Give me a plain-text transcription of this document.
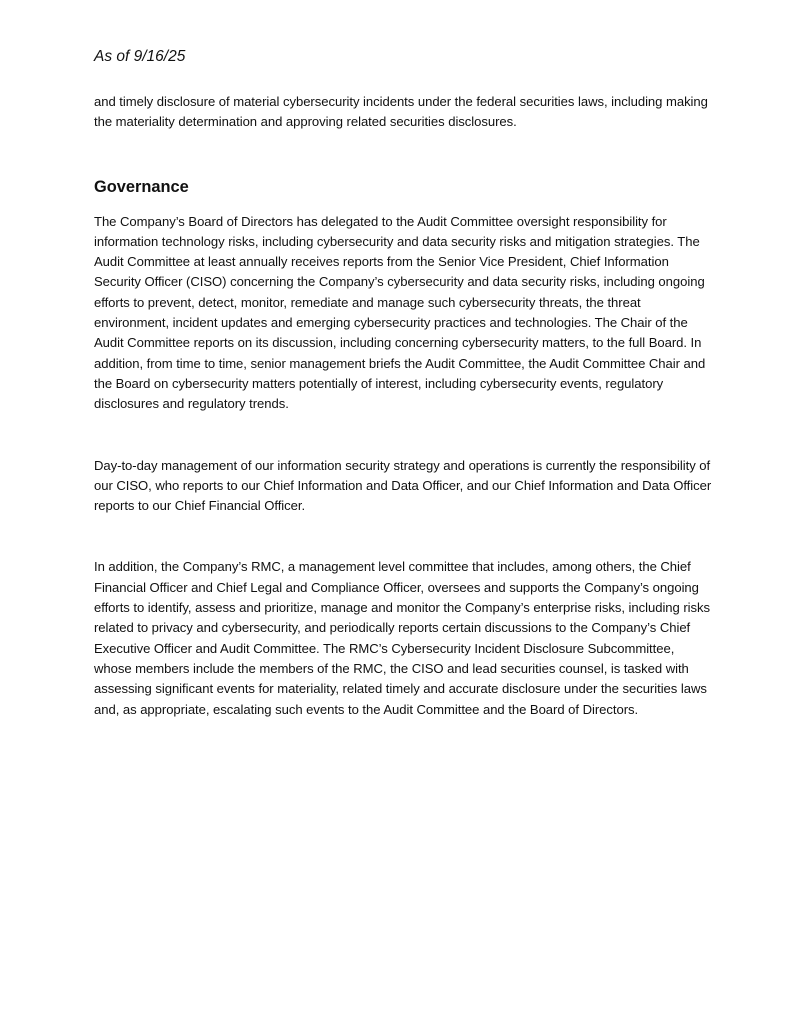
As of 9/16/25

and timely disclosure of material cybersecurity incidents under the federal securities laws, including making the materiality determination and approving related securities disclosures.

Governance

The Company’s Board of Directors has delegated to the Audit Committee oversight responsibility for information technology risks, including cybersecurity and data security risks and mitigation strategies. The Audit Committee at least annually receives reports from the Senior Vice President, Chief Information Security Officer (CISO) concerning the Company’s cybersecurity and data security risks, including ongoing efforts to prevent, detect, monitor, remediate and manage such cybersecurity threats, the threat environment, incident updates and emerging cybersecurity practices and technologies. The Chair of the Audit Committee reports on its discussion, including concerning cybersecurity matters, to the full Board. In addition, from time to time, senior management briefs the Audit Committee, the Audit Committee Chair and the Board on cybersecurity matters potentially of interest, including cybersecurity events, regulatory disclosures and regulatory trends.

Day-to-day management of our information security strategy and operations is currently the responsibility of our CISO, who reports to our Chief Information and Data Officer, and our Chief Information and Data Officer reports to our Chief Financial Officer.

In addition, the Company’s RMC, a management level committee that includes, among others, the Chief Financial Officer and Chief Legal and Compliance Officer, oversees and supports the Company’s ongoing efforts to identify, assess and prioritize, manage and monitor the Company’s enterprise risks, including risks related to privacy and cybersecurity, and periodically reports certain discussions to the Company’s Chief Executive Officer and Audit Committee. The RMC’s Cybersecurity Incident Disclosure Subcommittee, whose members include the members of the RMC, the CISO and lead securities counsel, is tasked with assessing significant events for materiality, related timely and accurate disclosure under the securities laws and, as appropriate, escalating such events to the Audit Committee and the Board of Directors.
